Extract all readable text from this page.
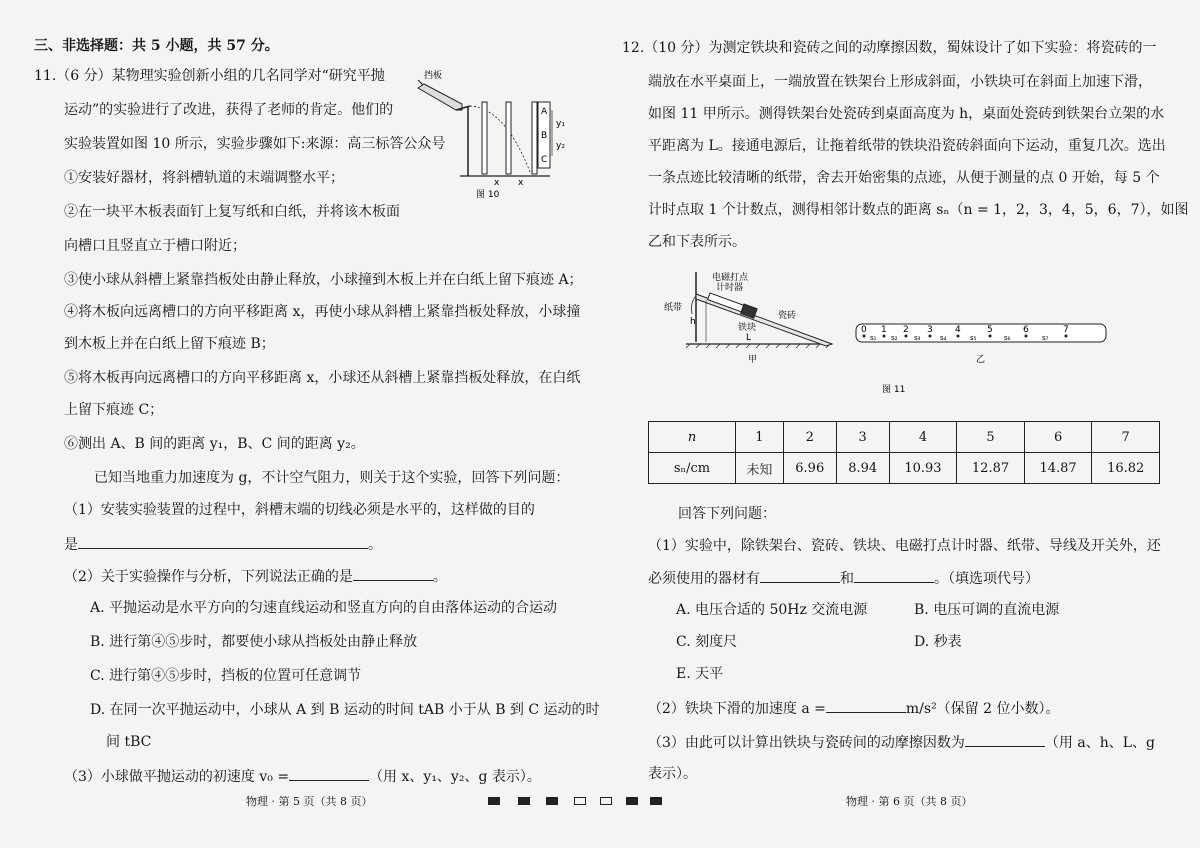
三、非选择题：共 5 小题，共 57 分。
11.（6 分）某物理实验创新小组的几名同学对“研究平抛
运动”的实验进行了改进，获得了老师的肯定。他们的
实验装置如图 10 所示，实验步骤如下:来源：高三标答公众号
①安装好器材，将斜槽轨道的末端调整水平；
②在一块平木板表面钉上复写纸和白纸，并将该木板面
向槽口且竖直立于槽口附近；
③使小球从斜槽上紧靠挡板处由静止释放，小球撞到木板上并在白纸上留下痕迹 A；
④将木板向远离槽口的方向平移距离 x，再使小球从斜槽上紧靠挡板处释放，小球撞
到木板上并在白纸上留下痕迹 B；
⑤将木板再向远离槽口的方向平移距离 x，小球还从斜槽上紧靠挡板处释放，在白纸
上留下痕迹 C；
⑥测出 A、B 间的距离 y₁，B、C 间的距离 y₂。
已知当地重力加速度为 g，不计空气阻力，则关于这个实验，回答下列问题：
（1）安装实验装置的过程中，斜槽末端的切线必须是水平的，这样做的目的
是	。
（2）关于实验操作与分析，下列说法正确的是	。
A. 平抛运动是水平方向的匀速直线运动和竖直方向的自由落体运动的合运动
B. 进行第④⑤步时，都要使小球从挡板处由静止释放
C. 进行第④⑤步时，挡板的位置可任意调节
D. 在同一次平抛运动中，小球从 A 到 B 运动的时间 tAB 小于从 B 到 C 运动的时
间 tBC
（3）小球做平抛运动的初速度 v₀ =	（用 x、y₁、y₂、g 表示）。
挡板
A
B
C
y₁
y₂
x x
图 10
物理 · 第 5 页（共 8 页）
12.（10 分）为测定铁块和瓷砖之间的动摩擦因数，蜀妹设计了如下实验：将瓷砖的一
端放在水平桌面上，一端放置在铁架台上形成斜面，小铁块可在斜面上加速下滑，
如图 11 甲所示。测得铁架台处瓷砖到桌面高度为 h，桌面处瓷砖到铁架台立架的水
平距离为 L。接通电源后，让拖着纸带的铁块沿瓷砖斜面向下运动，重复几次。选出
一条点迹比较清晰的纸带，舍去开始密集的点迹，从便于测量的点 0 开始，每 5 个
计时点取 1 个计数点，测得相邻计数点的距离 sₙ（n = 1，2，3，4，5，6，7），如图
乙和下表所示。
h
L
纸带
电磁打点
计时器
瓷砖
铁块
甲
0 1 2 3 4	5	6	7
s₁ s₂ s₃	s₄	s₅	s₆	s₇
乙
图 11
n	1	2	3	4	5	6	7
sₙ/cm	未知	6.96	8.94	10.93	12.87	14.87	16.82
回答下列问题：
（1）实验中，除铁架台、瓷砖、铁块、电磁打点计时器、纸带、导线及开关外，还
必须使用的器材有	和	。（填选项代号）
A. 电压合适的 50Hz 交流电源	B. 电压可调的直流电源
C. 刻度尺	D. 秒表
E. 天平
（2）铁块下滑的加速度 a =	m/s²（保留 2 位小数）。
（3）由此可以计算出铁块与瓷砖间的动摩擦因数为	（用 a、h、L、g
表示）。
物理 · 第 6 页（共 8 页）
